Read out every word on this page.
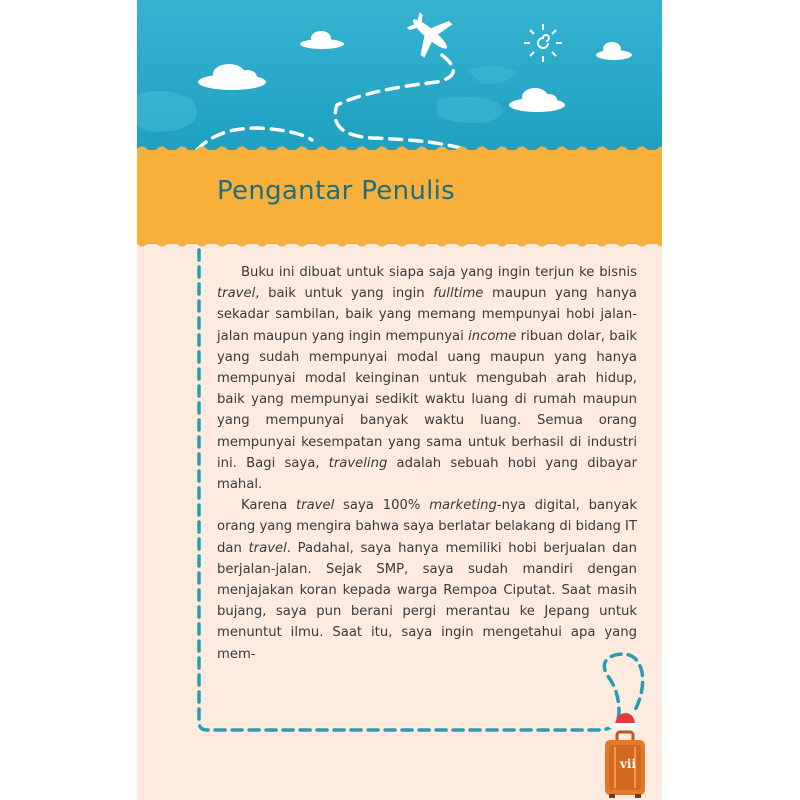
Pengantar Penulis

Buku ini dibuat untuk siapa saja yang ingin terjun ke bisnis travel, baik untuk yang ingin fulltime maupun yang hanya sekadar sambilan, baik yang memang mempunyai hobi jalan-jalan maupun yang ingin mempunyai income ribuan dolar, baik yang sudah mempunyai modal uang maupun yang hanya mempunyai modal keinginan untuk mengubah arah hidup, baik yang mempunyai sedikit waktu luang di rumah maupun yang mempunyai banyak waktu luang. Semua orang mempunyai kesempatan yang sama untuk berhasil di industri ini. Bagi saya, traveling adalah sebuah hobi yang dibayar mahal.

Karena travel saya 100% marketing-nya digital, banyak orang yang mengira bahwa saya berlatar belakang di bidang IT dan travel. Padahal, saya hanya memiliki hobi berjualan dan berjalan-jalan. Sejak SMP, saya sudah mandiri dengan menjajakan koran kepada warga Rempoa Ciputat. Saat masih bujang, saya pun berani pergi merantau ke Jepang untuk menuntut ilmu. Saat itu, saya ingin mengetahui apa yang mem-

vii
